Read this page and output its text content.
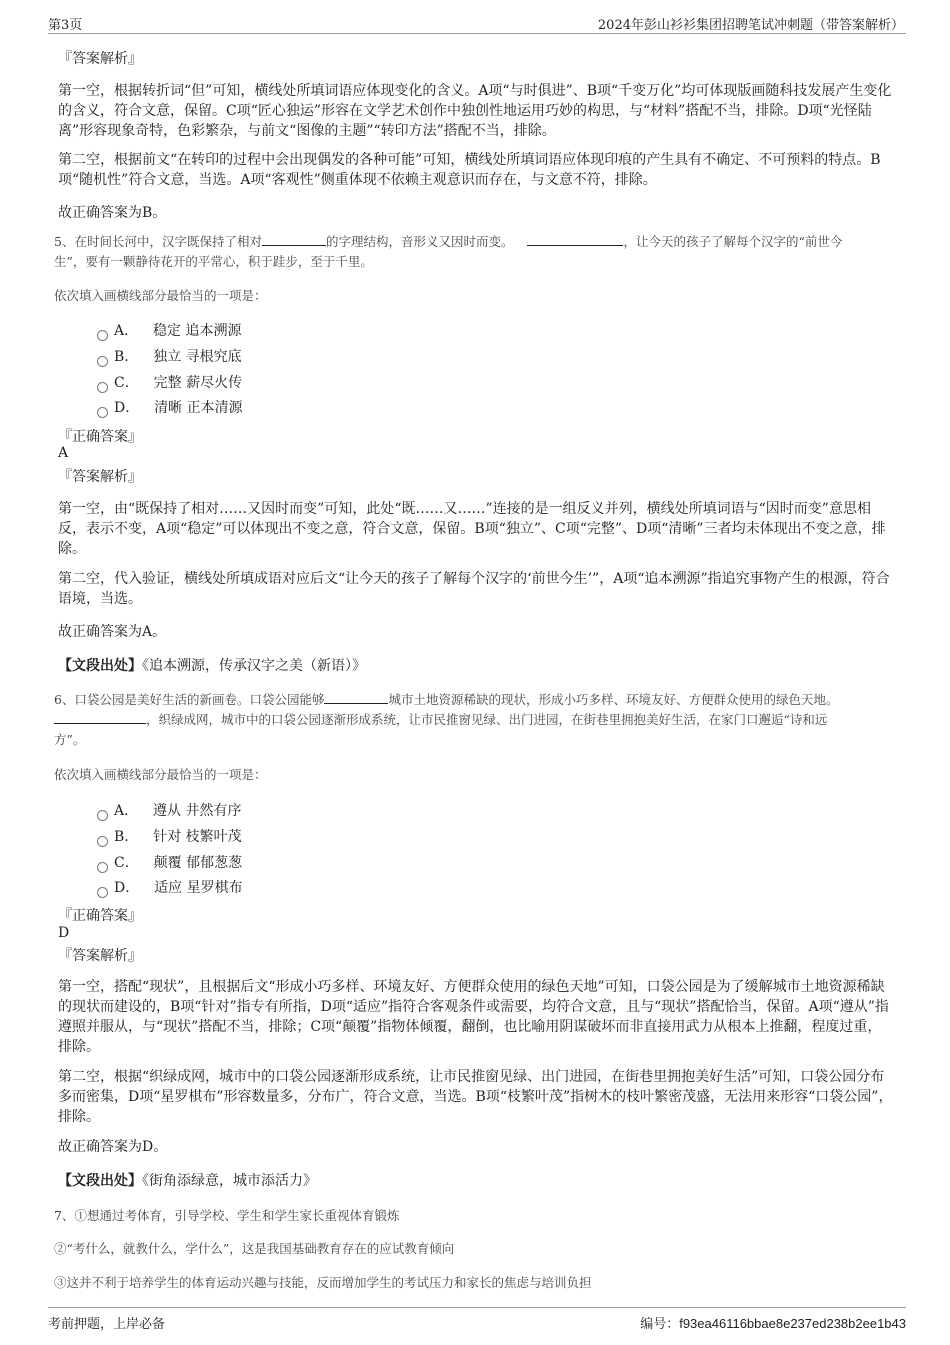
第3页	2024年彭山衫衫集团招聘笔试冲刺题（带答案解析）
『答案解析』
第一空，根据转折词“但”可知，横线处所填词语应体现变化的含义。A项“与时俱进”、B项“千变万化”均可体现版画随科技发展产生变化的含义，符合文意，保留。C项“匠心独运”形容在文学艺术创作中独创性地运用巧妙的构思，与“材料”搭配不当，排除。D项“光怪陆离”形容现象奇特，色彩繁杂，与前文“图像的主题”“转印方法”搭配不当，排除。
第二空，根据前文“在转印的过程中会出现偶发的各种可能”可知，横线处所填词语应体现印痕的产生具有不确定、不可预料的特点。B项“随机性”符合文意，当选。A项“客观性”侧重体现不依赖主观意识而存在，与文意不符，排除。
故正确答案为B。
5、在时间长河中，汉字既保持了相对	的字理结构，音形义又因时而变。	，让今天的孩子了解每个汉字的“前世今
生”，要有一颗静待花开的平常心，积于跬步，至于千里。
依次填入画横线部分最恰当的一项是：
A． 稳定 追本溯源
B． 独立 寻根究底
C． 完整 薪尽火传
D． 清晰 正本清源
『正确答案』
A
『答案解析』
第一空，由“既保持了相对……又因时而变”可知，此处“既……又……”连接的是一组反义并列，横线处所填词语与“因时而变”意思相反，表示不变，A项“稳定”可以体现出不变之意，符合文意，保留。B项“独立”、C项“完整”、D项“清晰”三者均未体现出不变之意，排除。
第二空，代入验证，横线处所填成语对应后文“让今天的孩子了解每个汉字的‘前世今生’”，A项“追本溯源”指追究事物产生的根源，符合语境，当选。
故正确答案为A。
【文段出处】《追本溯源，传承汉字之美（新语）》
6、口袋公园是美好生活的新画卷。口袋公园能够	城市土地资源稀缺的现状，形成小巧多样、环境友好、方便群众使用的绿色天地。
，织绿成网，城市中的口袋公园逐渐形成系统，让市民推窗见绿、出门进园，在街巷里拥抱美好生活，在家门口邂逅“诗和远
方”。
依次填入画横线部分最恰当的一项是：
A． 遵从 井然有序
B． 针对 枝繁叶茂
C． 颠覆 郁郁葱葱
D． 适应 星罗棋布
『正确答案』
D
『答案解析』
第一空，搭配“现状”，且根据后文“形成小巧多样、环境友好、方便群众使用的绿色天地”可知，口袋公园是为了缓解城市土地资源稀缺的现状而建设的，B项“针对”指专有所指，D项“适应”指符合客观条件或需要，均符合文意，且与“现状”搭配恰当，保留。A项“遵从”指遵照并服从，与“现状”搭配不当，排除；C项“颠覆”指物体倾覆，翻倒，也比喻用阴谋破坏而非直接用武力从根本上推翻，程度过重，排除。
第二空，根据“织绿成网，城市中的口袋公园逐渐形成系统，让市民推窗见绿、出门进园，在街巷里拥抱美好生活”可知，口袋公园分布多而密集，D项“星罗棋布”形容数量多，分布广，符合文意，当选。B项“枝繁叶茂”指树木的枝叶繁密茂盛，无法用来形容“口袋公园”，排除。
故正确答案为D。
【文段出处】《街角添绿意，城市添活力》
7、①想通过考体育，引导学校、学生和学生家长重视体育锻炼
②“考什么，就教什么，学什么”，这是我国基础教育存在的应试教育倾向
③这并不利于培养学生的体育运动兴趣与技能，反而增加学生的考试压力和家长的焦虑与培训负担
考前押题，上岸必备	编号：f93ea46116bbae8e237ed238b2ee1b43
